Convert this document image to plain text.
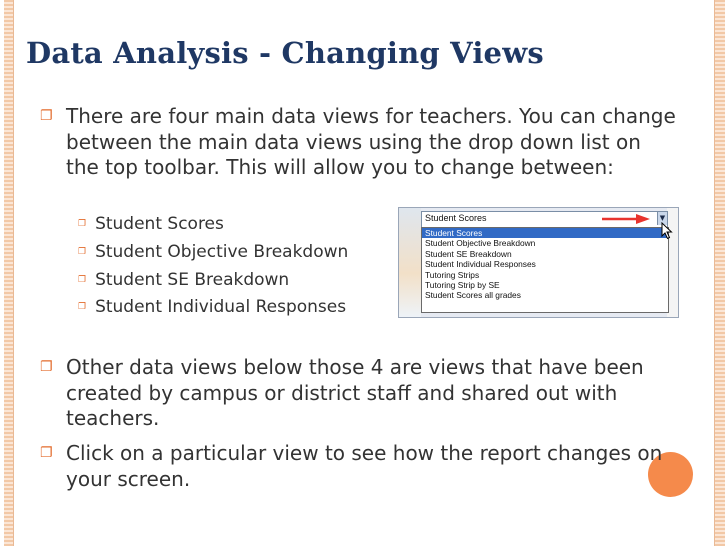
Data Analysis - Changing Views
❐ There are four main data views for teachers. You can change between the main data views using the drop down list on the top toolbar. This will allow you to change between:
❐ Student Scores
❐ Student Objective Breakdown
❐ Student SE Breakdown
❐ Student Individual Responses
Student Scores	▼
Student Scores
Student Objective Breakdown
Student SE Breakdown
Student Individual Responses
Tutoring Strips
Tutoring Strip by SE
Student Scores all grades
❐ Other data views below those 4 are views that have been created by campus or district staff and shared out with teachers.
❐ Click on a particular view to see how the report changes on your screen.
